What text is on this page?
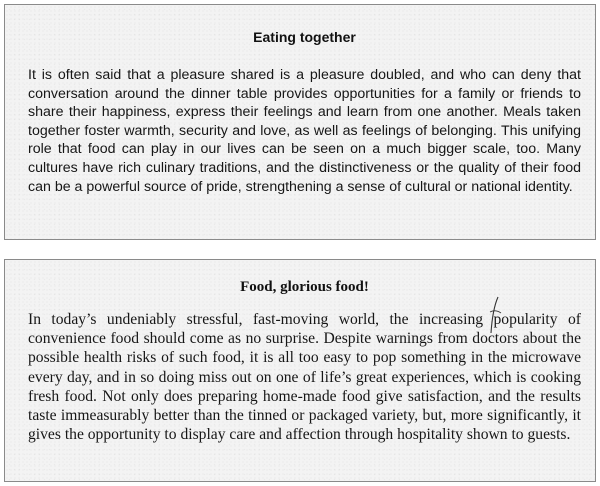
Eating together

It is often said that a pleasure shared is a pleasure doubled, and who can deny that conversation around the dinner table provides opportunities for a family or friends to share their happiness, express their feelings and learn from one another. Meals taken together foster warmth, security and love, as well as feelings of belonging. This unifying role that food can play in our lives can be seen on a much bigger scale, too. Many cultures have rich culinary traditions, and the distinctiveness or the quality of their food can be a powerful source of pride, strengthening a sense of cultural or national identity.

Food, glorious food!

In today’s undeniably stressful, fast-moving world, the increasing popularity of convenience food should come as no surprise. Despite warnings from doctors about the possible health risks of such food, it is all too easy to pop something in the microwave every day, and in so doing miss out on one of life’s great experiences, which is cooking fresh food. Not only does preparing home-made food give satisfaction, and the results taste immeasurably better than the tinned or packaged variety, but, more significantly, it gives the opportunity to display care and affection through hospitality shown to guests.
